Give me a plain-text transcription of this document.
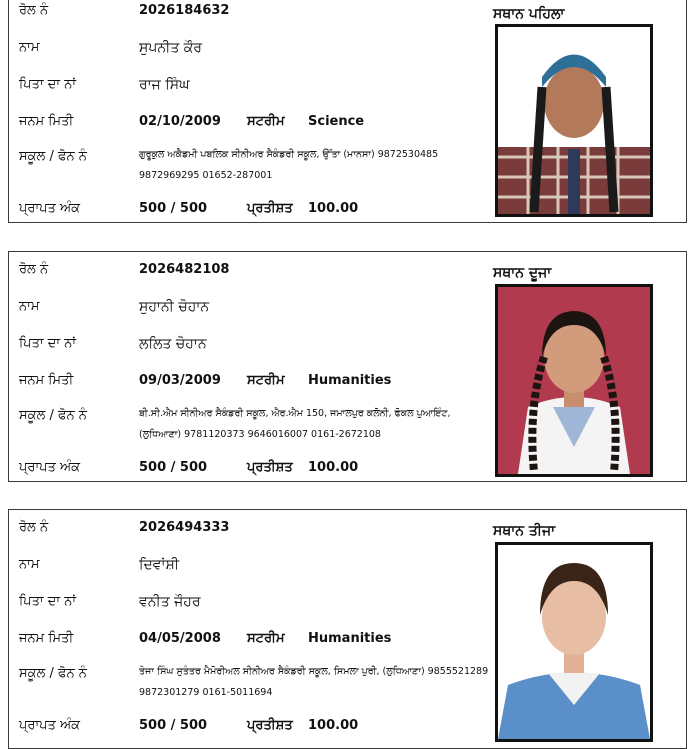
ਰੋਲ ਨੰ	2026184632
ਨਾਮ	ਸੁਪਨੀਤ ਕੌਰ
ਪਿਤਾ ਦਾ ਨਾਂ	ਰਾਜ ਸਿੰਘ
ਜਨਮ ਮਿਤੀ	02/10/2009 ਸਟਰੀਮ Science
ਸਕੂਲ / ਫੋਨ ਨੰ	ਗੁਰੂਕੁਲ ਅਕੈਡਮੀ ਪਬਲਿਕ ਸੀਨੀਅਰ ਸੈਕੰਡਰੀ ਸਕੂਲ, ਉੱਤਾ (ਮਾਨਸਾ) 9872530485 9872969295 01652-287001
ਪ੍ਰਾਪਤ ਅੰਕ	500 / 500	ਪ੍ਰਤੀਸ਼ਤ 100.00
ਸਥਾਨ ਪਹਿਲਾ
ਰੋਲ ਨੰ	2026482108
ਨਾਮ	ਸੁਹਾਨੀ ਚੋਹਾਨ
ਪਿਤਾ ਦਾ ਨਾਂ	ਲਲਿਤ ਚੋਹਾਨ
ਜਨਮ ਮਿਤੀ	09/03/2009 ਸਟਰੀਮ Humanities
ਸਕੂਲ / ਫੋਨ ਨੰ	ਬੀ.ਸੀ.ਐਮ ਸੀਨੀਅਰ ਸੈਕੰਡਰੀ ਸਕੂਲ, ਐਰ.ਐਮ 150, ਜਮਾਲਪੁਰ ਕਲੋਨੀ, ਫੋਕਲ ਪੁਆਇੰਟ, (ਲੁਧਿਆਣਾ) 9781120373 9646016007 0161-2672108
ਪ੍ਰਾਪਤ ਅੰਕ	500 / 500	ਪ੍ਰਤੀਸ਼ਤ 100.00
ਸਥਾਨ ਦੂਜਾ
ਰੋਲ ਨੰ	2026494333
ਨਾਮ	ਦਿਵਾਂਸ਼ੀ
ਪਿਤਾ ਦਾ ਨਾਂ	ਵਨੀਤ ਜੌਹਰ
ਜਨਮ ਮਿਤੀ	04/05/2008 ਸਟਰੀਮ Humanities
ਸਕੂਲ / ਫੋਨ ਨੰ	ਤੇਜਾ ਸਿੰਘ ਸੁਤੰਤਰ ਮੈਮੋਰੀਅਲ ਸੀਨੀਅਰ ਸੈਕੰਡਰੀ ਸਕੂਲ, ਸਿਮਲਾ ਪੁਰੀ, (ਲੁਧਿਆਣਾ) 9855521289 9872301279 0161-5011694
ਪ੍ਰਾਪਤ ਅੰਕ	500 / 500	ਪ੍ਰਤੀਸ਼ਤ 100.00
ਸਥਾਨ ਤੀਜਾ
